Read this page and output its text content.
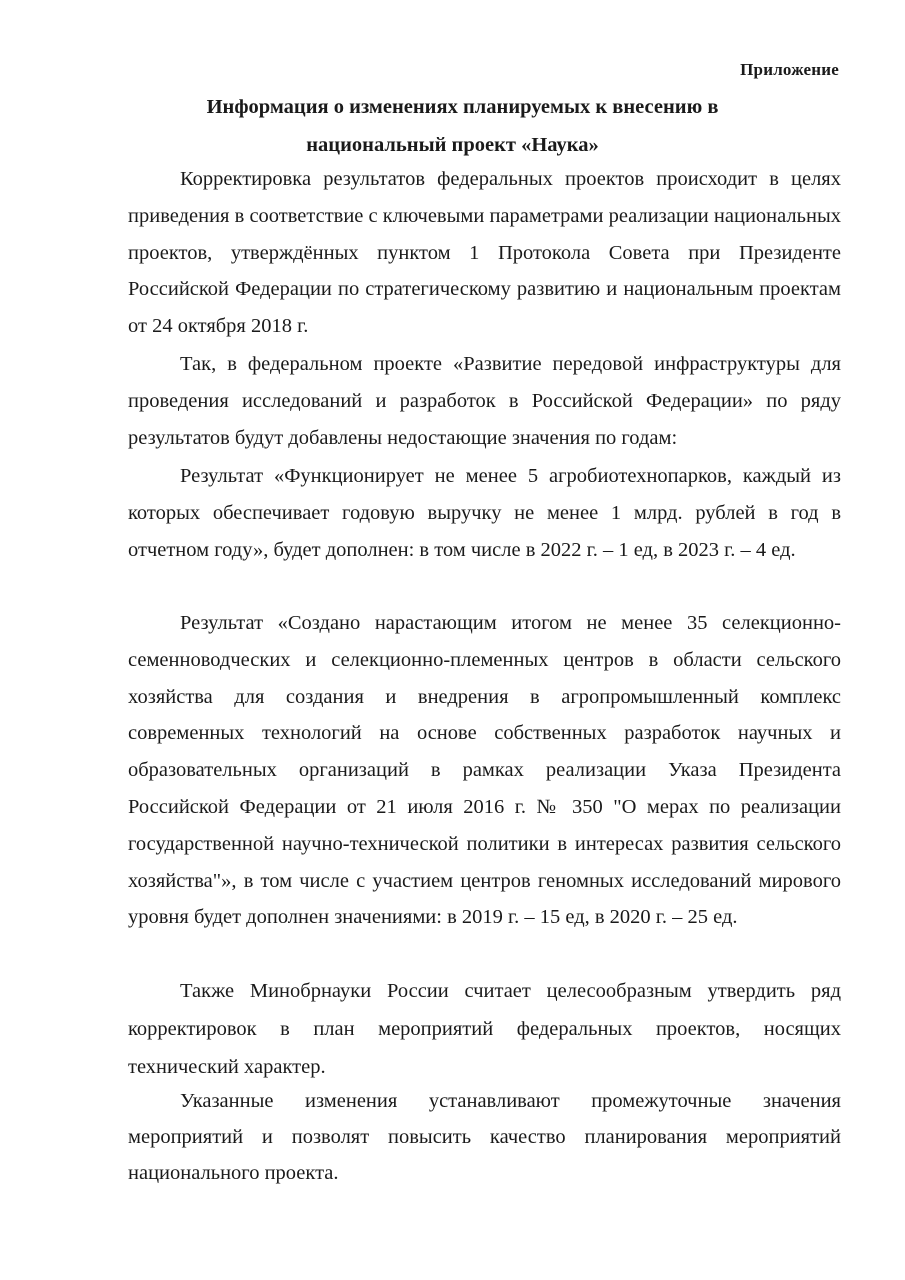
Приложение
Информация о изменениях планируемых к внесению в
национальный проект «Наука»

Корректировка результатов федеральных проектов происходит в целях приведения в соответствие с ключевыми параметрами реализации национальных проектов, утверждённых пунктом 1 Протокола Совета при Президенте Российской Федерации по стратегическому развитию и национальным проектам от 24 октября 2018 г.

Так, в федеральном проекте «Развитие передовой инфраструктуры для проведения исследований и разработок в Российской Федерации» по ряду результатов будут добавлены недостающие значения по годам:

Результат «Функционирует не менее 5 агробиотехнопарков, каждый из которых обеспечивает годовую выручку не менее 1 млрд. рублей в год в отчетном году», будет дополнен: в том числе в 2022 г. – 1 ед, в 2023 г. – 4 ед.

Результат «Создано нарастающим итогом не менее 35 селекционно-семенноводческих и селекционно-племенных центров в области сельского хозяйства для создания и внедрения в агропромышленный комплекс современных технологий на основе собственных разработок научных и образовательных организаций в рамках реализации Указа Президента Российской Федерации от 21 июля 2016 г. № 350 "О мерах по реализации государственной научно-технической политики в интересах развития сельского хозяйства"», в том числе с участием центров геномных исследований мирового уровня будет дополнен значениями: в 2019 г. – 15 ед, в 2020 г. – 25 ед.

Также Минобрнауки России считает целесообразным утвердить ряд корректировок в план мероприятий федеральных проектов, носящих технический характер.

Указанные изменения устанавливают промежуточные значения мероприятий и позволят повысить качество планирования мероприятий национального проекта.
